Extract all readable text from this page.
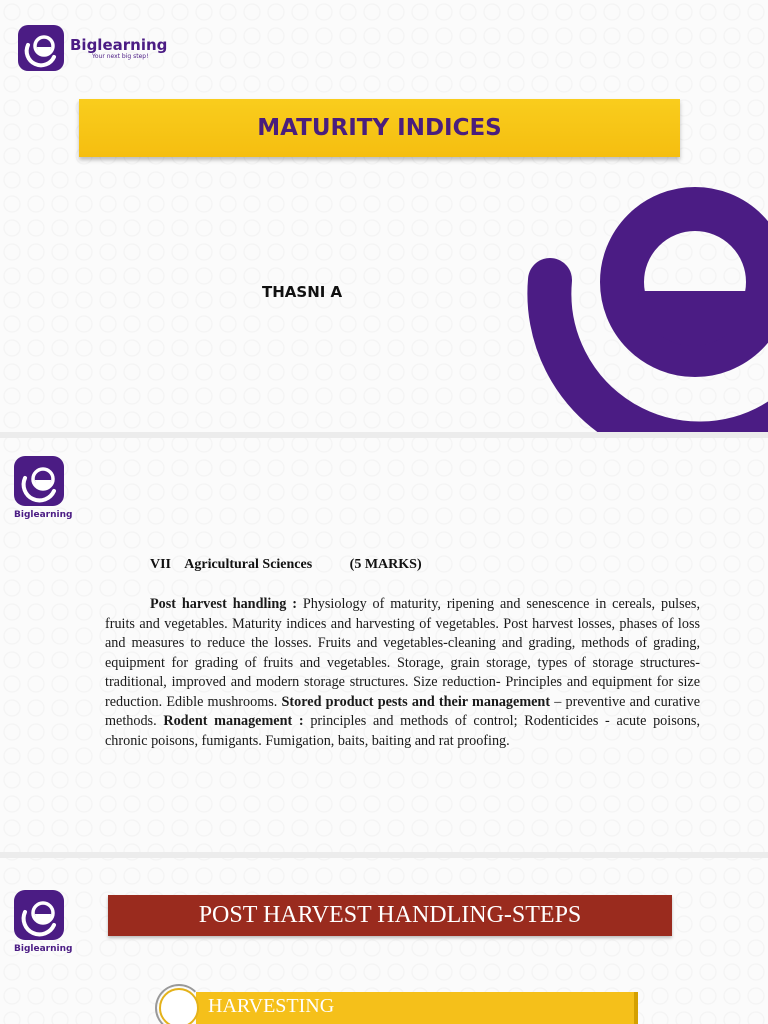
Biglearning
Your next big step!
MATURITY INDICES
THASNI A
Biglearning
VII Agricultural Sciences	(5 MARKS)

Post harvest handling : Physiology of maturity, ripening and senescence in cereals, pulses, fruits and vegetables. Maturity indices and harvesting of vegetables. Post harvest losses, phases of loss and measures to reduce the losses. Fruits and vegetables-cleaning and grading, methods of grading, equipment for grading of fruits and vegetables. Storage, grain storage, types of storage structures- traditional, improved and modern storage structures. Size reduction- Principles and equipment for size reduction. Edible mushrooms. Stored product pests and their management – preventive and curative methods. Rodent management : principles and methods of control; Rodenticides - acute poisons, chronic poisons, fumigants. Fumigation, baits, baiting and rat proofing.

Biglearning
POST HARVEST HANDLING-STEPS
HARVESTING
